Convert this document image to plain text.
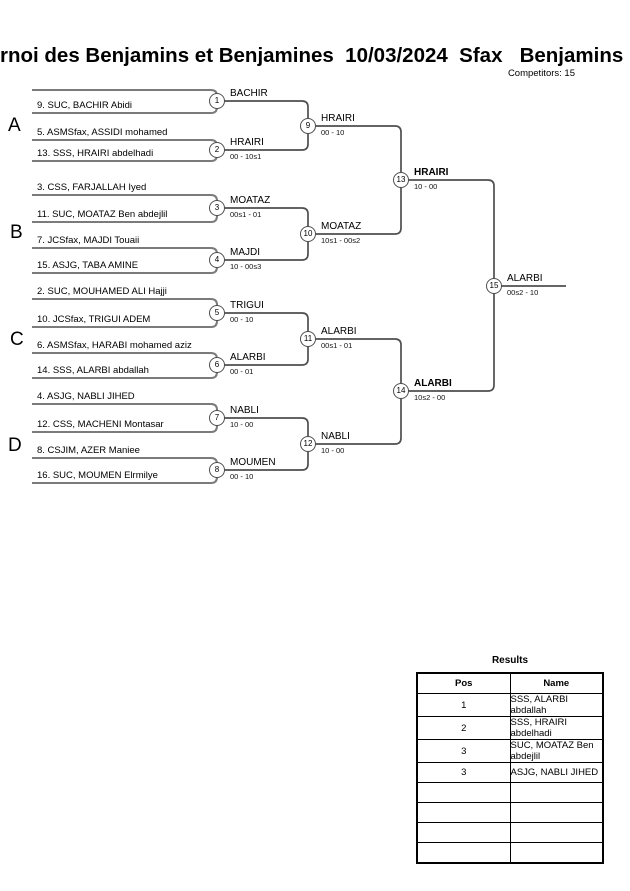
rnoi des Benjamins et Benjamines  10/03/2024  Sfax   Benjamins
Competitors: 15
A
B
C
D
9. SUC, BACHIR Abidi
5. ASMSfax, ASSIDI mohamed
13. SSS, HRAIRI abdelhadi
3. CSS, FARJALLAH Iyed
11. SUC, MOATAZ Ben abdejlil
7. JCSfax, MAJDI Touaii
15. ASJG, TABA AMINE
2. SUC, MOUHAMED ALI Hajji
10. JCSfax, TRIGUI ADEM
6. ASMSfax, HARABI mohamed aziz
14. SSS, ALARBI abdallah
4. ASJG, NABLI JIHED
12. CSS, MACHENI Montasar
8. CSJIM, AZER Maniee
16. SUC, MOUMEN Elrmilye
1
2
3
4
5
6
7
8
9
10
11
12
13
14
15
BACHIR
HRAIRI
MOATAZ
MAJDI
TRIGUI
ALARBI
NABLI
MOUMEN
HRAIRI
MOATAZ
ALARBI
NABLI
HRAIRI
ALARBI
ALARBI
00 - 10s1
00s1 - 01
10 - 00s3
00 - 10
00 - 01
10 - 00
00 - 10
00 - 10
10s1 - 00s2
00s1 - 01
10 - 00
10 - 00
10s2 - 00
00s2 - 10
Results
Pos	Name
1	SSS, ALARBI abdallah
2	SSS, HRAIRI abdelhadi
3	SUC, MOATAZ Ben abdejlil
3	ASJG, NABLI JIHED
